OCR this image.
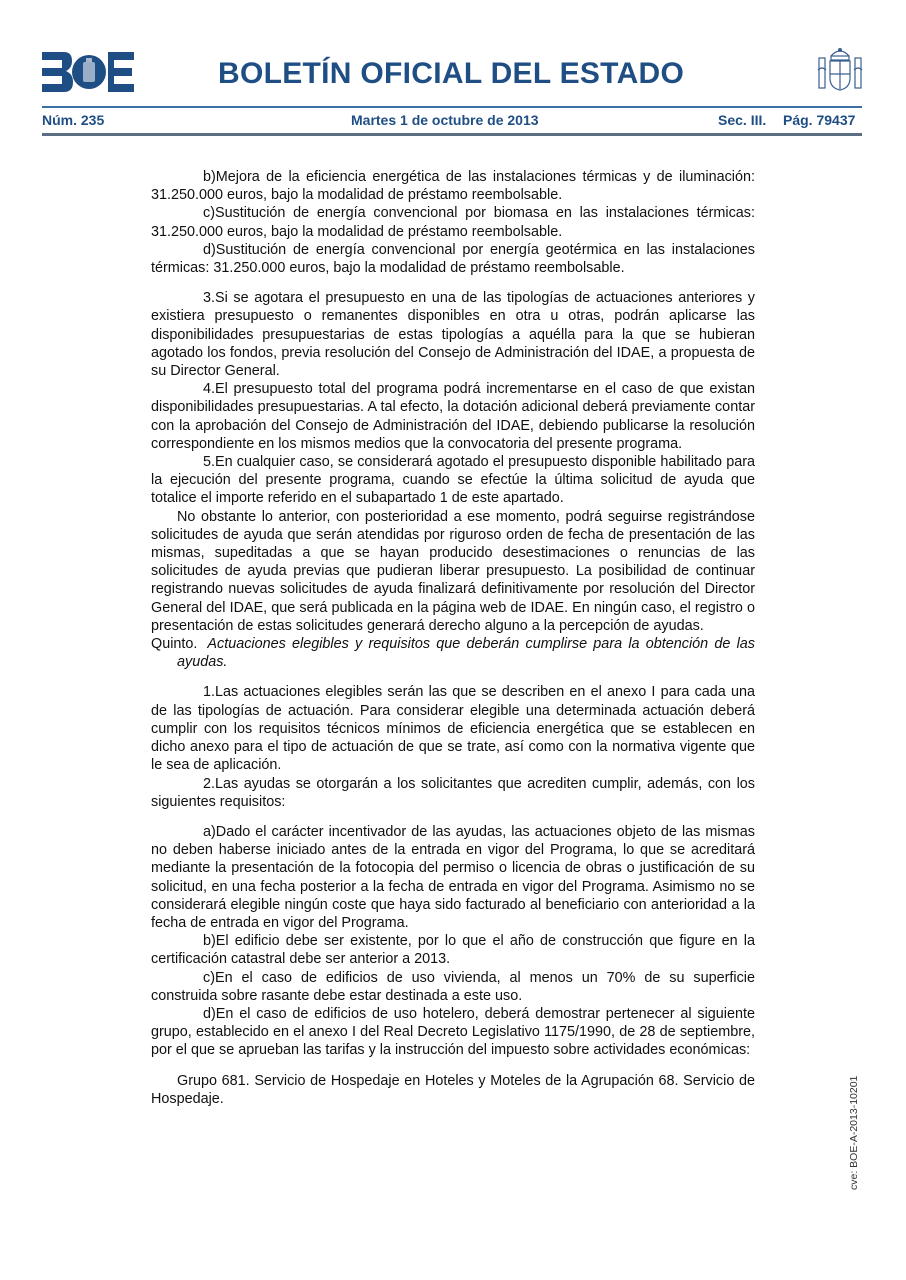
BOLETÍN OFICIAL DEL ESTADO
Núm. 235	Martes 1 de octubre de 2013	Sec. III. Pág. 79437

b)Mejora de la eficiencia energética de las instalaciones térmicas y de iluminación: 31.250.000 euros, bajo la modalidad de préstamo reembolsable.

c)Sustitución de energía convencional por biomasa en las instalaciones térmicas: 31.250.000 euros, bajo la modalidad de préstamo reembolsable.

d)Sustitución de energía convencional por energía geotérmica en las instalaciones térmicas: 31.250.000 euros, bajo la modalidad de préstamo reembolsable.

3.Si se agotara el presupuesto en una de las tipologías de actuaciones anteriores y existiera presupuesto o remanentes disponibles en otra u otras, podrán aplicarse las disponibilidades presupuestarias de estas tipologías a aquélla para la que se hubieran agotado los fondos, previa resolución del Consejo de Administración del IDAE, a propuesta de su Director General.

4.El presupuesto total del programa podrá incrementarse en el caso de que existan disponibilidades presupuestarias. A tal efecto, la dotación adicional deberá previamente contar con la aprobación del Consejo de Administración del IDAE, debiendo publicarse la resolución correspondiente en los mismos medios que la convocatoria del presente programa.

5.En cualquier caso, se considerará agotado el presupuesto disponible habilitado para la ejecución del presente programa, cuando se efectúe la última solicitud de ayuda que totalice el importe referido en el subapartado 1 de este apartado.

No obstante lo anterior, con posterioridad a ese momento, podrá seguirse registrándose solicitudes de ayuda que serán atendidas por riguroso orden de fecha de presentación de las mismas, supeditadas a que se hayan producido desestimaciones o renuncias de las solicitudes de ayuda previas que pudieran liberar presupuesto. La posibilidad de continuar registrando nuevas solicitudes de ayuda finalizará definitivamente por resolución del Director General del IDAE, que será publicada en la página web de IDAE. En ningún caso, el registro o presentación de estas solicitudes generará derecho alguno a la percepción de ayudas.

Quinto. Actuaciones elegibles y requisitos que deberán cumplirse para la obtención de las ayudas.

1.Las actuaciones elegibles serán las que se describen en el anexo I para cada una de las tipologías de actuación. Para considerar elegible una determinada actuación deberá cumplir con los requisitos técnicos mínimos de eficiencia energética que se establecen en dicho anexo para el tipo de actuación de que se trate, así como con la normativa vigente que le sea de aplicación.

2.Las ayudas se otorgarán a los solicitantes que acrediten cumplir, además, con los siguientes requisitos:

a)Dado el carácter incentivador de las ayudas, las actuaciones objeto de las mismas no deben haberse iniciado antes de la entrada en vigor del Programa, lo que se acreditará mediante la presentación de la fotocopia del permiso o licencia de obras o justificación de su solicitud, en una fecha posterior a la fecha de entrada en vigor del Programa. Asimismo no se considerará elegible ningún coste que haya sido facturado al beneficiario con anterioridad a la fecha de entrada en vigor del Programa.

b)El edificio debe ser existente, por lo que el año de construcción que figure en la certificación catastral debe ser anterior a 2013.

c)En el caso de edificios de uso vivienda, al menos un 70% de su superficie construida sobre rasante debe estar destinada a este uso.

d)En el caso de edificios de uso hotelero, deberá demostrar pertenecer al siguiente grupo, establecido en el anexo I del Real Decreto Legislativo 1175/1990, de 28 de septiembre, por el que se aprueban las tarifas y la instrucción del impuesto sobre actividades económicas:

Grupo 681. Servicio de Hospedaje en Hoteles y Moteles de la Agrupación 68. Servicio de Hospedaje.	cve: BOE-A-2013-10201
